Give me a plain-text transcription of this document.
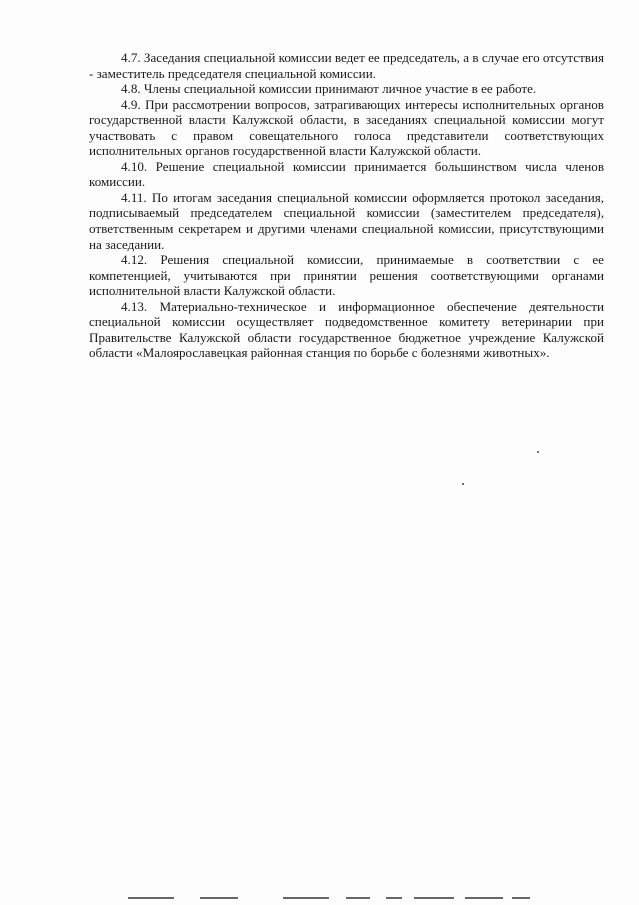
4.7. Заседания специальной комиссии ведет ее председатель, а в случае его отсутствия - заместитель председателя специальной комиссии.

4.8. Члены специальной комиссии принимают личное участие в ее работе.

4.9. При рассмотрении вопросов, затрагивающих интересы исполнительных органов государственной власти Калужской области, в заседаниях специальной комиссии могут участвовать с правом совещательного голоса представители соответствующих исполнительных органов государственной власти Калужской области.

4.10. Решение специальной комиссии принимается большинством числа членов комиссии.

4.11. По итогам заседания специальной комиссии оформляется протокол заседания, подписываемый председателем специальной комиссии (заместителем председателя), ответственным секретарем и другими членами специальной комиссии, присутствующими на заседании.

4.12. Решения специальной комиссии, принимаемые в соответствии с ее компетенцией, учитываются при принятии решения соответствующими органами исполнительной власти Калужской области.

4.13. Материально-техническое и информационное обеспечение деятельности специальной комиссии осуществляет подведомственное комитету ветеринарии при Правительстве Калужской области государственное бюджетное учреждение Калужской области «Малоярославецкая районная станция по борьбе с болезнями животных».
